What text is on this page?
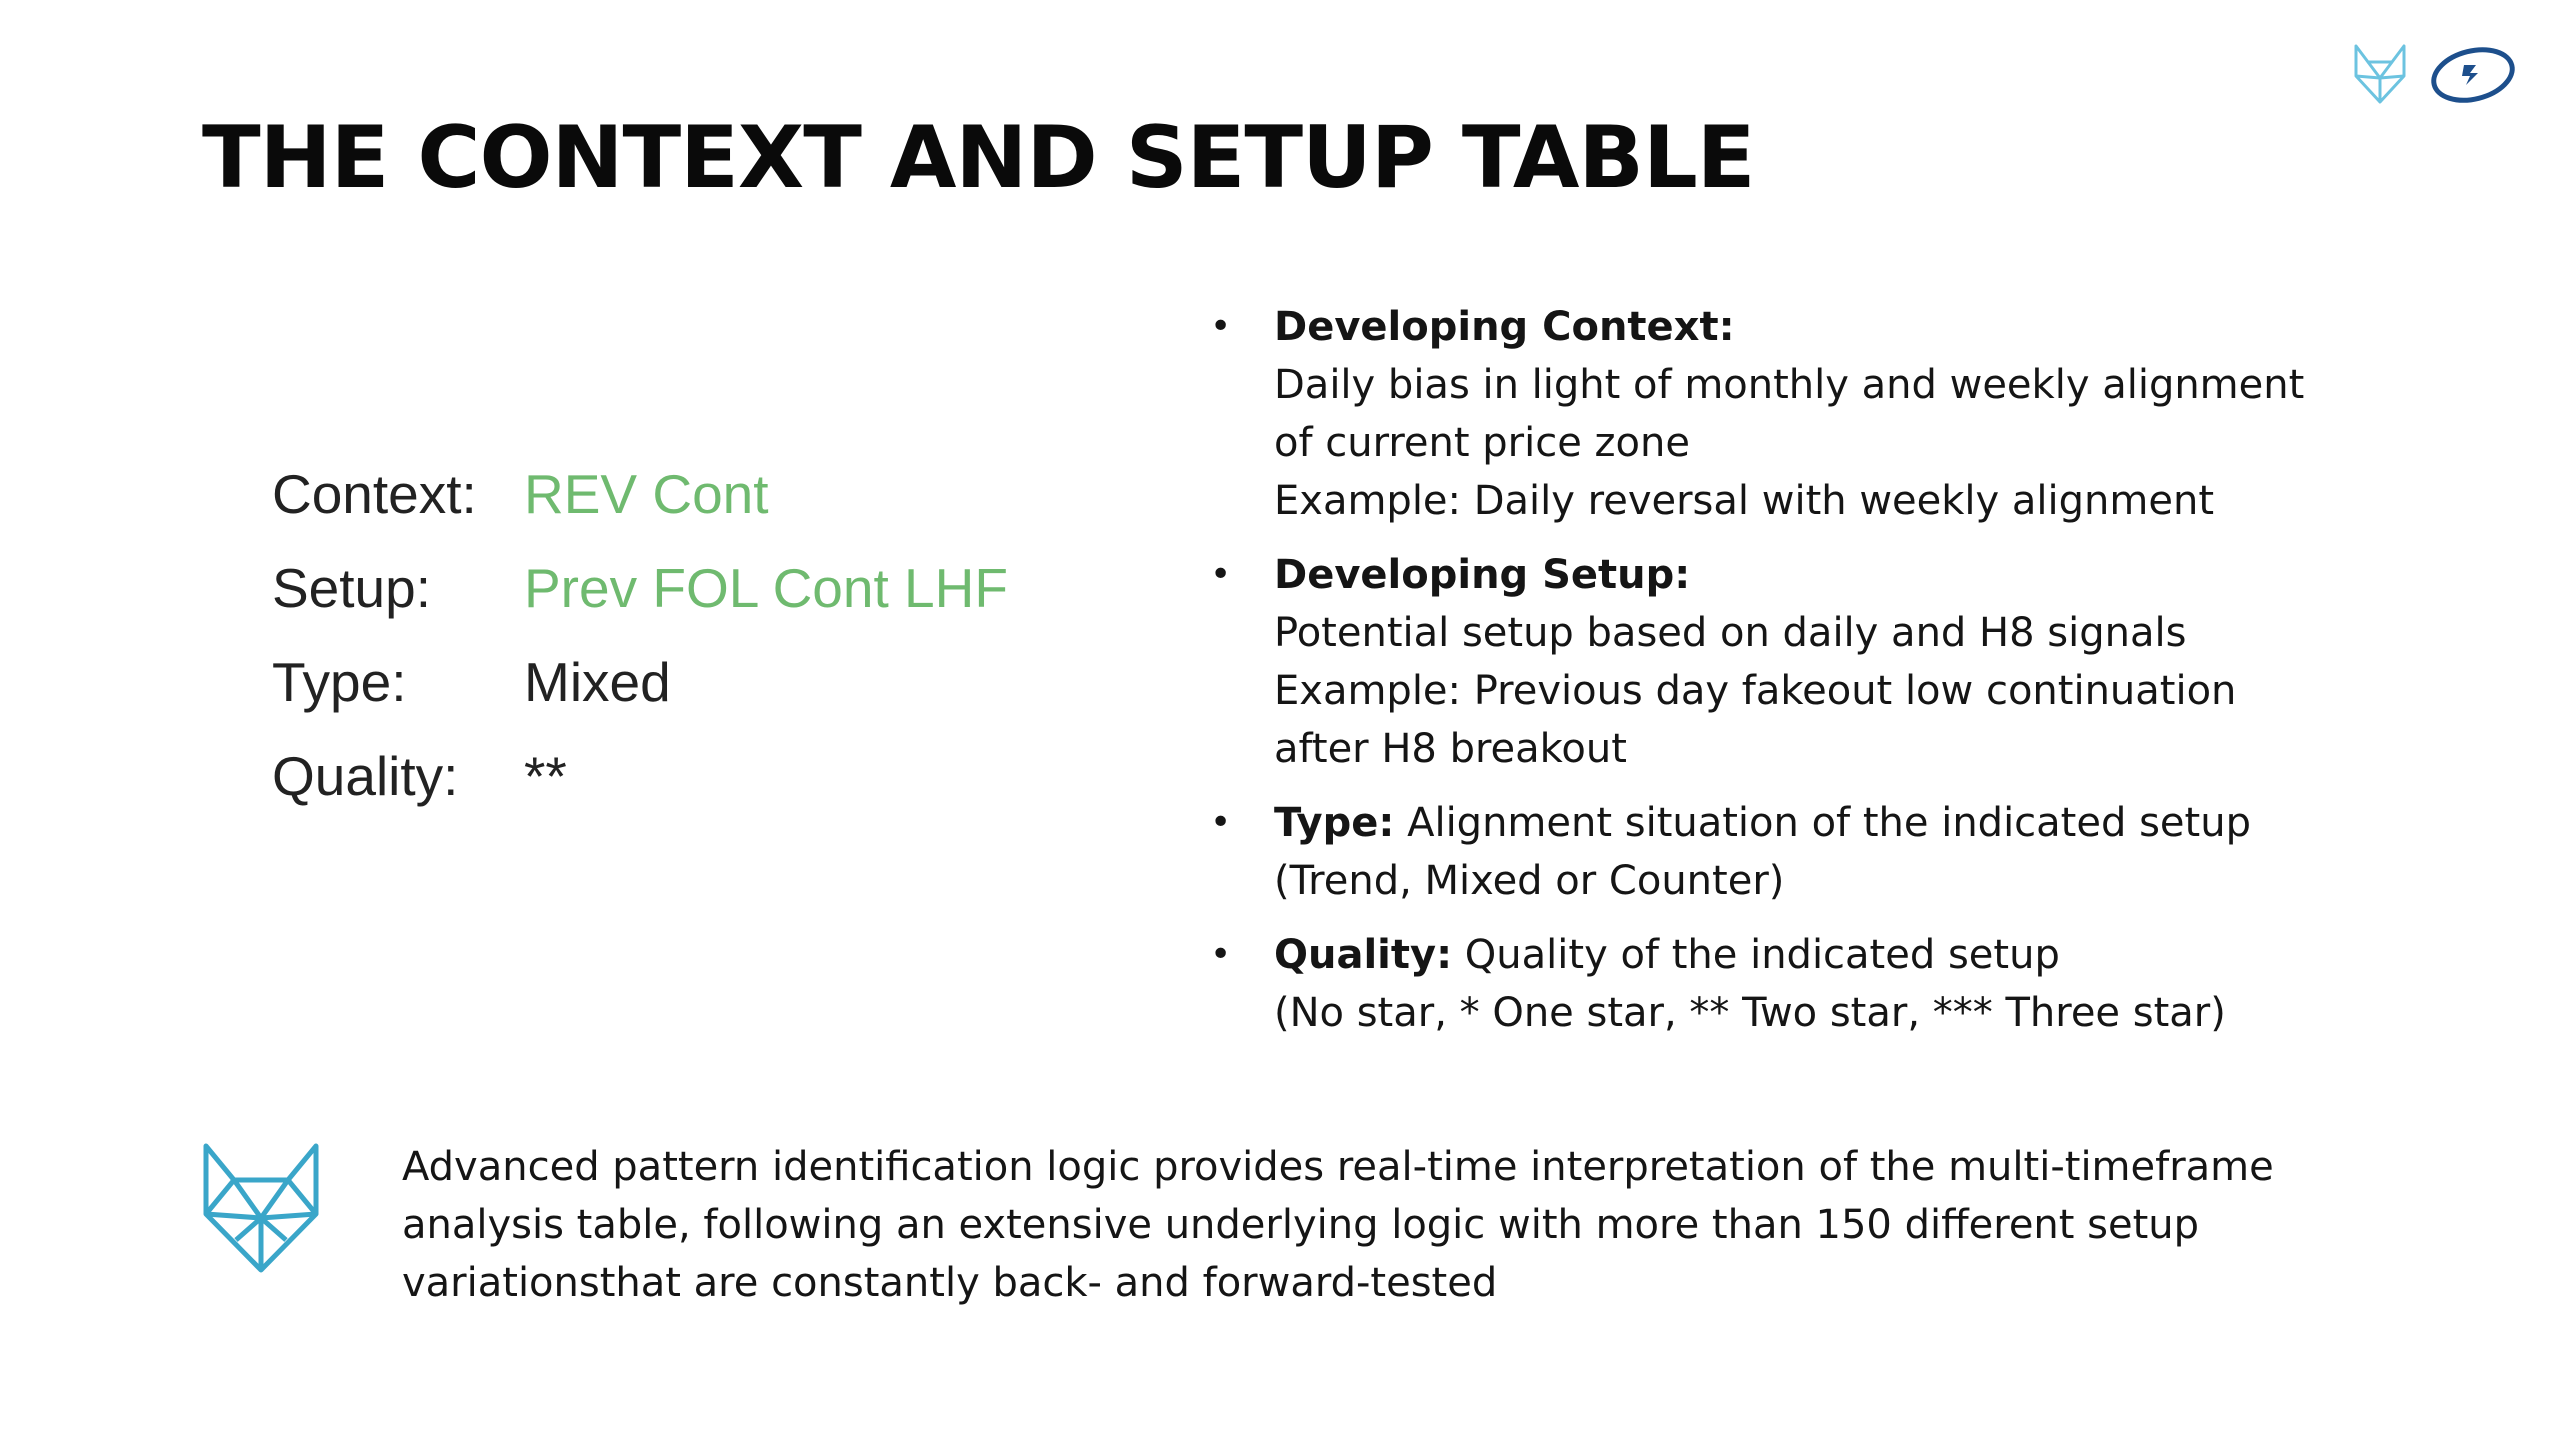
THE CONTEXT AND SETUP TABLE
Context: REV Cont
Setup:	Prev FOL Cont LHF
Type:	Mixed
Quality:	**
• Developing Context:
Daily bias in light of monthly and weekly alignment
of current price zone
Example: Daily reversal with weekly alignment
• Developing Setup:
Potential setup based on daily and H8 signals
Example: Previous day fakeout low continuation
after H8 breakout
• Type: Alignment situation of the indicated setup
(Trend, Mixed or Counter)
• Quality: Quality of the indicated setup
(No star, * One star, ** Two star, *** Three star)
Advanced pattern identification logic provides real-time interpretation of the multi-timeframe
analysis table, following an extensive underlying logic with more than 150 different setup
variationsthat are constantly back- and forward-tested
